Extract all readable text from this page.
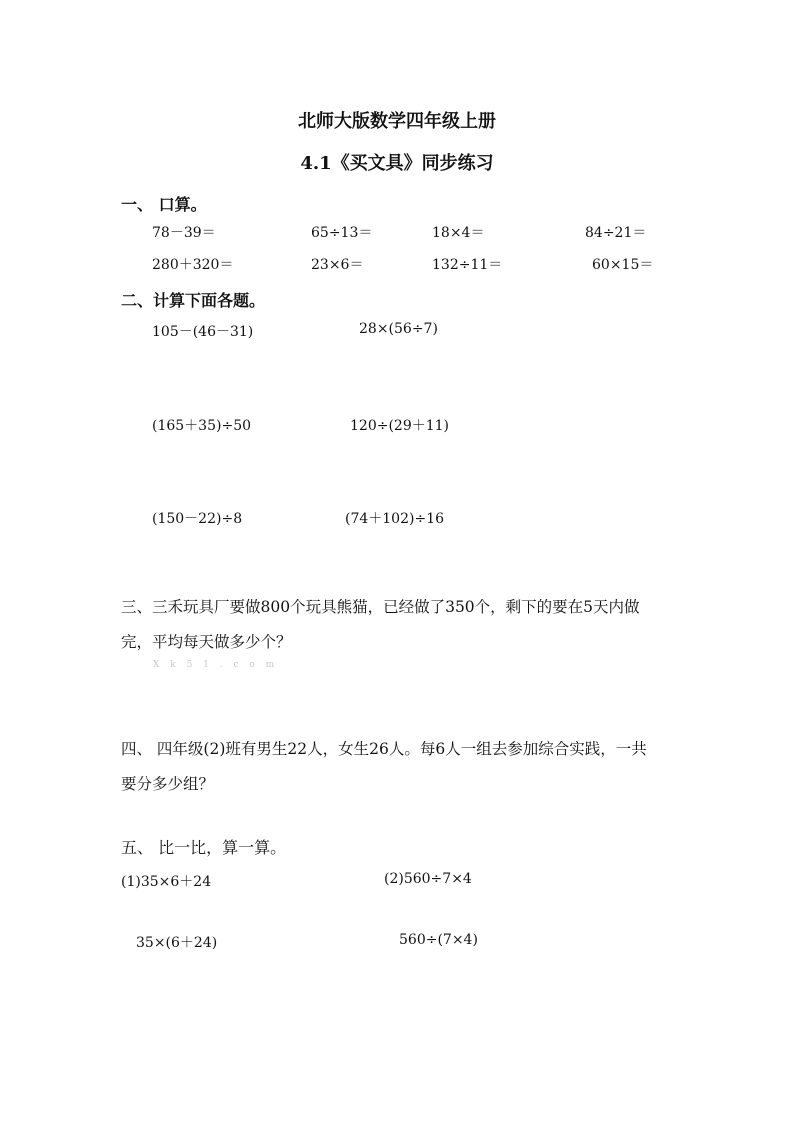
北师大版数学四年级上册
4.1《买文具》同步练习
一、 口算。
78－39＝	65÷13＝	18×4＝	84÷21＝
280＋320＝	23×6＝	132÷11＝	60×15＝
二、计算下面各题。
105－(46－31)	28×(56÷7)
(165＋35)÷50	120÷(29＋11)
(150－22)÷8	(74＋102)÷16
三、三禾玩具厂要做800个玩具熊猫，已经做了350个，剩下的要在5天内做
完，平均每天做多少个？
X k 5 1 . c o m
四、 四年级(2)班有男生22人，女生26人。每6人一组去参加综合实践，一共
要分多少组？
五、 比一比，算一算。
(1)35×6＋24	(2)560÷7×4
35×(6＋24)	560÷(7×4)
